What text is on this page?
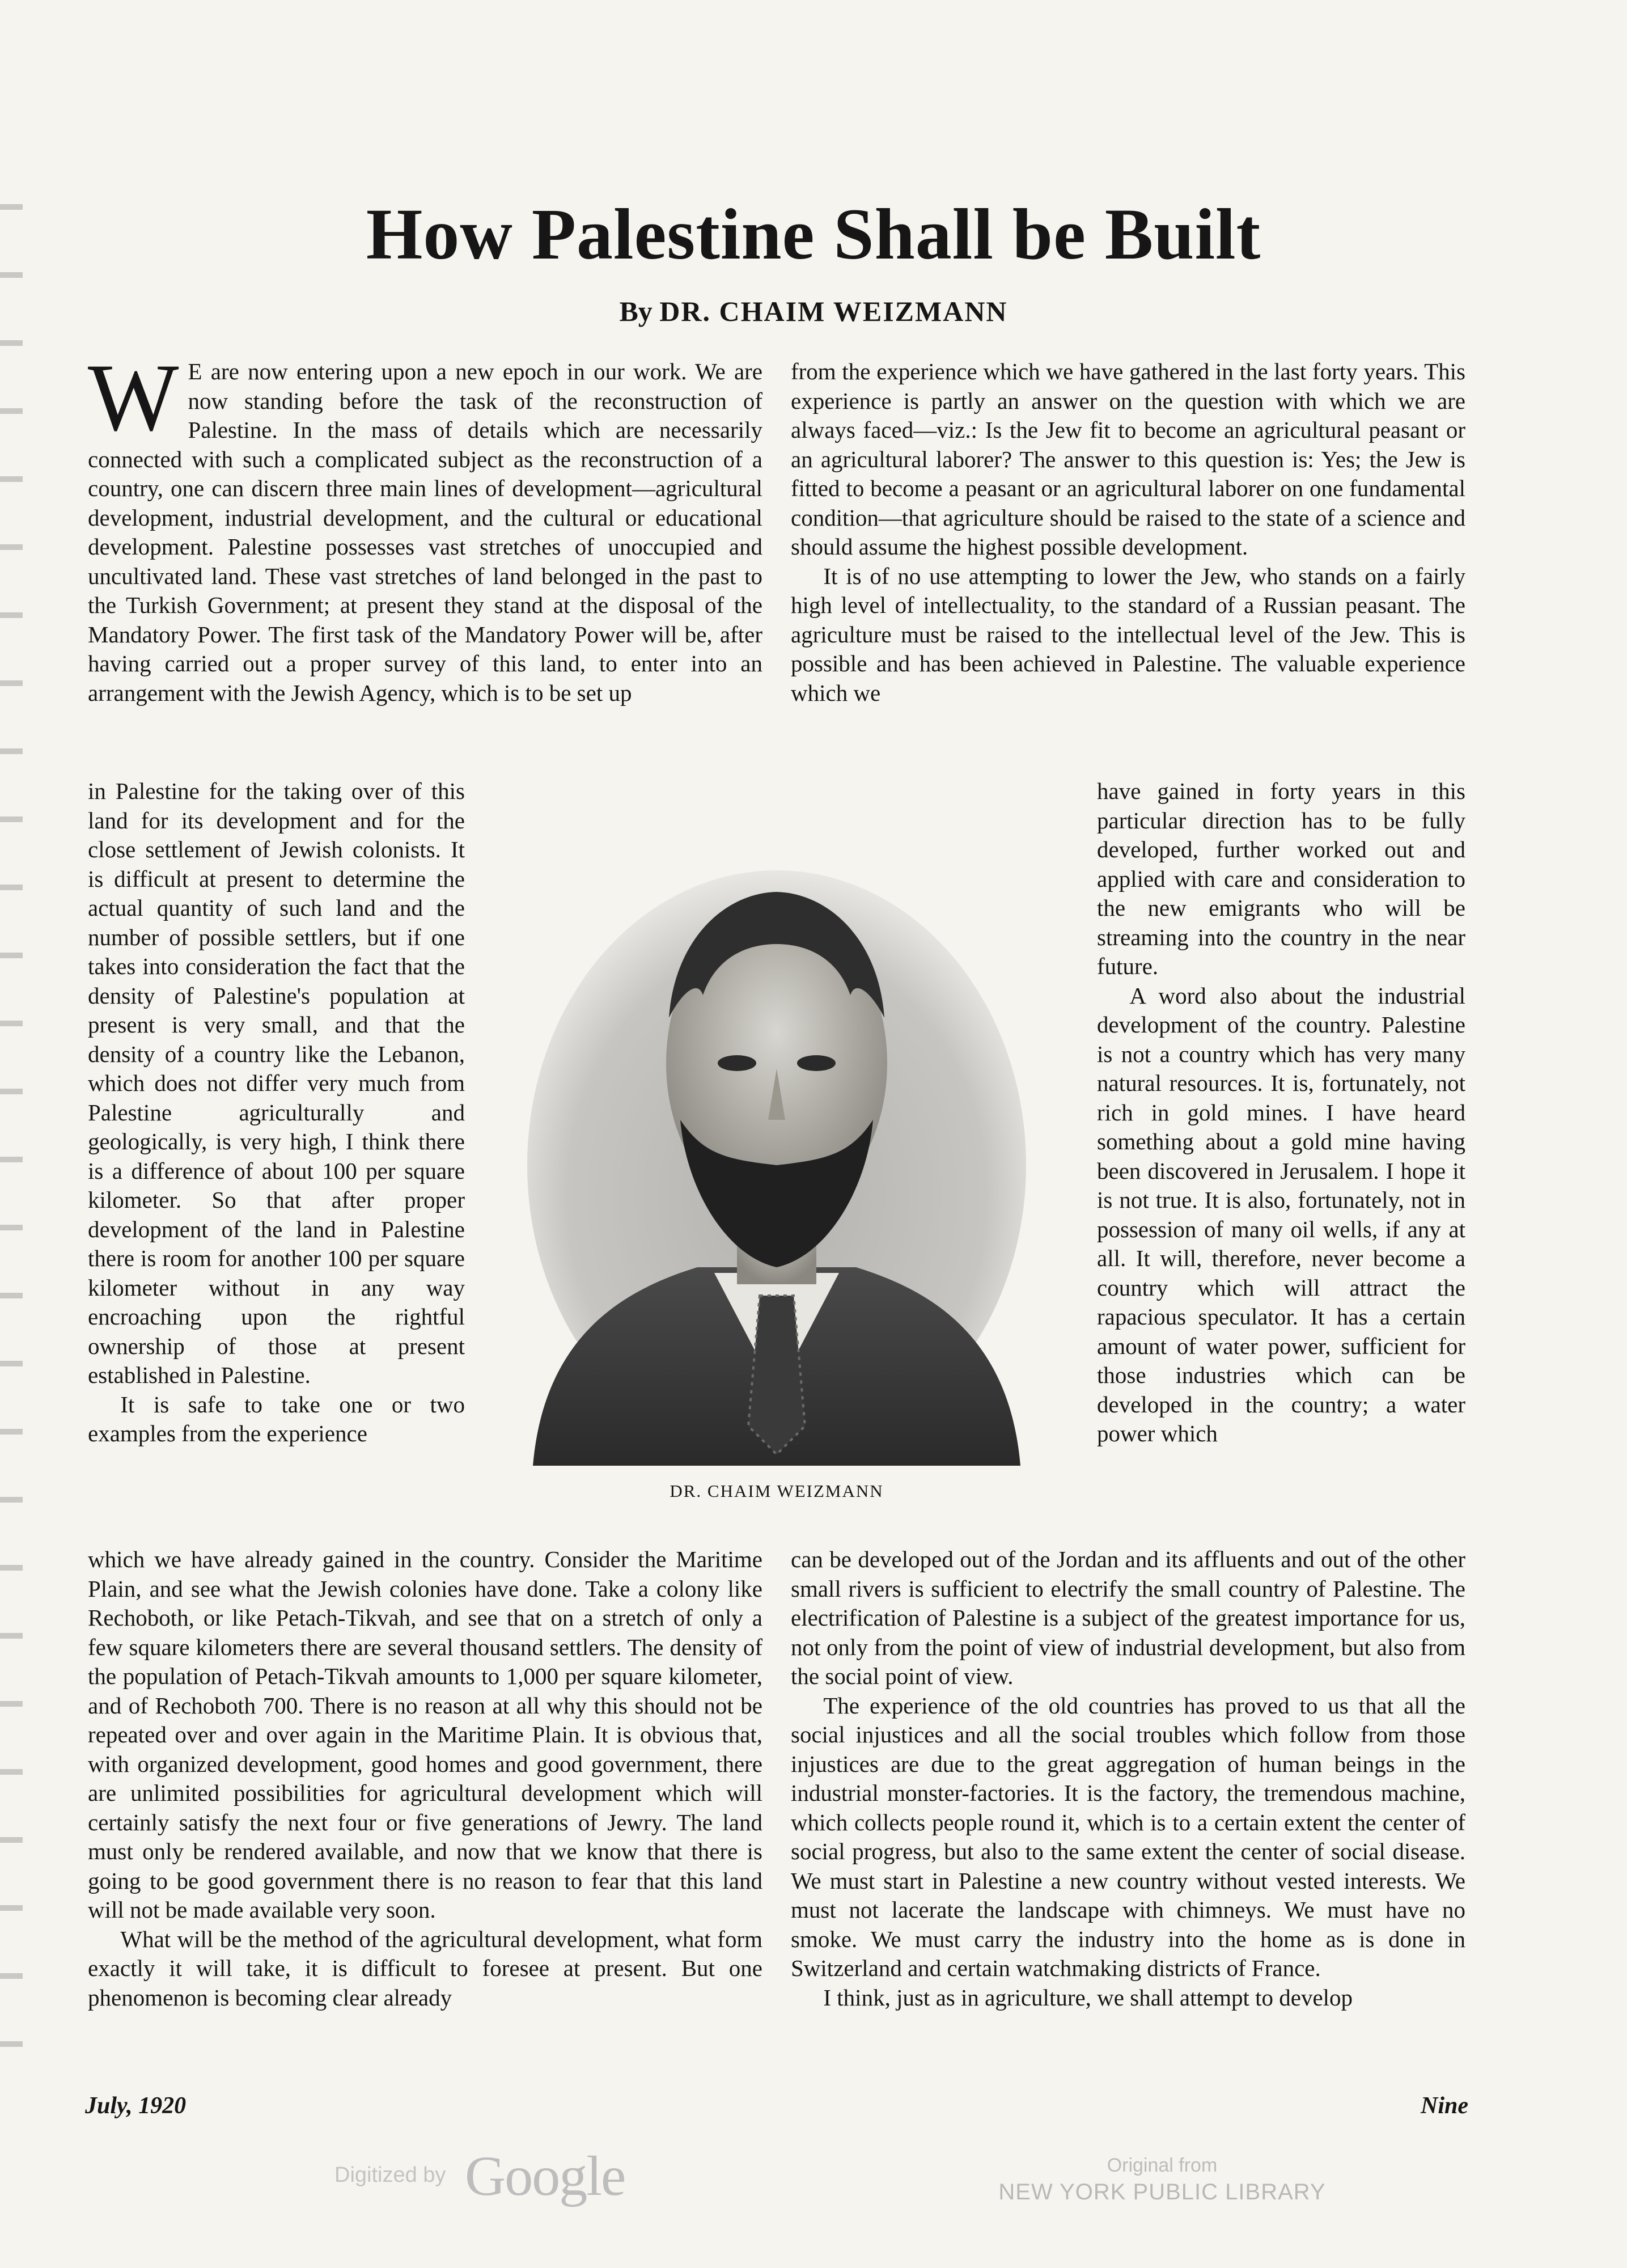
How Palestine Shall be Built

By DR. CHAIM WEIZMANN

W E are now entering upon a new epoch in our work. We are now standing before the task of the reconstruction of Palestine. In the mass of details which are necessarily connected with such a complicated subject as the reconstruction of a country, one can discern three main lines of development—agricultural development, industrial development, and the cultural or educational development. Palestine possesses vast stretches of unoccupied and uncultivated land. These vast stretches of land belonged in the past to the Turkish Government; at present they stand at the disposal of the Mandatory Power. The first task of the Mandatory Power will be, after having carried out a proper survey of this land, to enter into an arrangement with the Jewish Agency, which is to be set up

in Palestine for the taking over of this land for its development and for the close settlement of Jewish colonists. It is difficult at present to determine the actual quantity of such land and the number of possible settlers, but if one takes into consideration the fact that the density of Palestine's population at present is very small, and that the density of a country like the Lebanon, which does not differ very much from Palestine agriculturally and geologically, is very high, I think there is a difference of about 100 per square kilometer. So that after proper development of the land in Palestine there is room for another 100 per square kilometer without in any way encroaching upon the rightful ownership of those at present established in Palestine.

It is safe to take one or two examples from the experience

which we have already gained in the country. Consider the Maritime Plain, and see what the Jewish colonies have done. Take a colony like Rechoboth, or like Petach-Tikvah, and see that on a stretch of only a few square kilometers there are several thousand settlers. The density of the population of Petach-Tikvah amounts to 1,000 per square kilometer, and of Rechoboth 700. There is no reason at all why this should not be repeated over and over again in the Maritime Plain. It is obvious that, with organized development, good homes and good government, there are unlimited possibilities for agricultural development which will certainly satisfy the next four or five generations of Jewry. The land must only be rendered available, and now that we know that there is going to be good government there is no reason to fear that this land will not be made available very soon.

What will be the method of the agricultural development, what form exactly it will take, it is difficult to foresee at present. But one phenomenon is becoming clear already

from the experience which we have gathered in the last forty years. This experience is partly an answer on the question with which we are always faced—viz.: Is the Jew fit to become an agricultural peasant or an agricultural laborer? The answer to this question is: Yes; the Jew is fitted to become a peasant or an agricultural laborer on one fundamental condition—that agriculture should be raised to the state of a science and should assume the highest possible development.

It is of no use attempting to lower the Jew, who stands on a fairly high level of intellectuality, to the standard of a Russian peasant. The agriculture must be raised to the intellectual level of the Jew. This is possible and has been achieved in Palestine. The valuable experience which we

have gained in forty years in this particular direction has to be fully developed, further worked out and applied with care and consideration to the new emigrants who will be streaming into the country in the near future.

A word also about the industrial development of the country. Palestine is not a country which has very many natural resources. It is, fortunately, not rich in gold mines. I have heard something about a gold mine having been discovered in Jerusalem. I hope it is not true. It is also, fortunately, not in possession of many oil wells, if any at all. It will, therefore, never become a country which will attract the rapacious speculator. It has a certain amount of water power, sufficient for those industries which can be developed in the country; a water power which

can be developed out of the Jordan and its affluents and out of the other small rivers is sufficient to electrify the small country of Palestine. The electrification of Palestine is a subject of the greatest importance for us, not only from the point of view of industrial development, but also from the social point of view.

The experience of the old countries has proved to us that all the social injustices and all the social troubles which follow from those injustices are due to the great aggregation of human beings in the industrial monster-factories. It is the factory, the tremendous machine, which collects people round it, which is to a certain extent the center of social progress, but also to the same extent the center of social disease. We must start in Palestine a new country without vested interests. We must not lacerate the landscape with chimneys. We must have no smoke. We must carry the industry into the home as is done in Switzerland and certain watchmaking districts of France.

I think, just as in agriculture, we shall attempt to develop

DR. CHAIM WEIZMANN

July, 1920	Nine
Digitized by Google	Original from
NEW YORK PUBLIC LIBRARY
